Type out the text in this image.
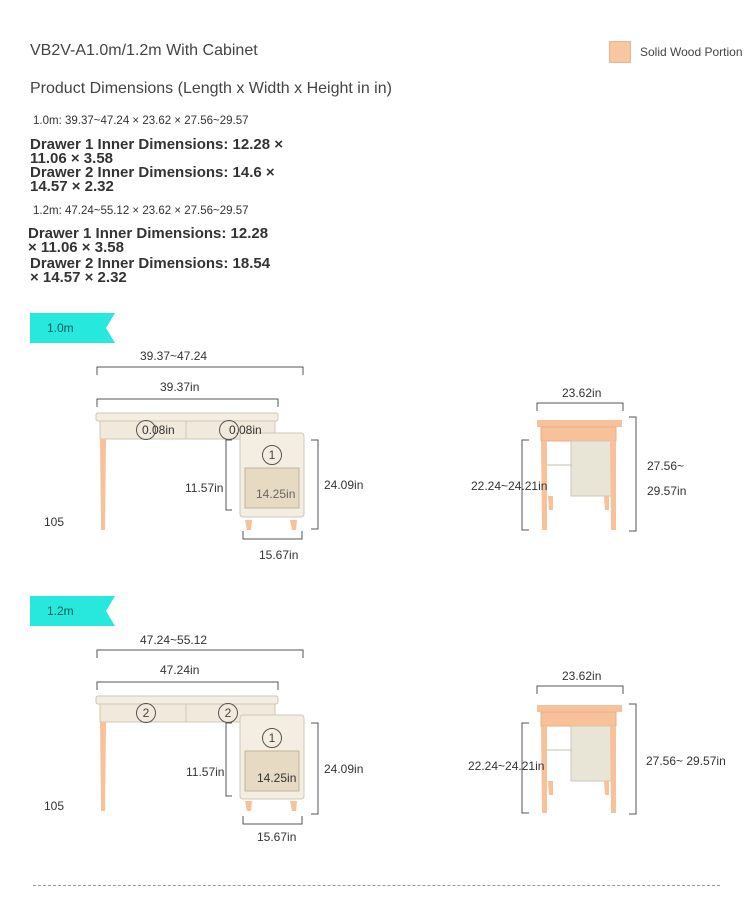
VB2V-A1.0m/1.2m With Cabinet	Solid Wood Portion
Product Dimensions (Length x Width x Height in in)
1.0m: 39.37~47.24 × 23.62 × 27.56~29.57
Drawer 1 Inner Dimensions: 12.28 ×
11.06 × 3.58
Drawer 2 Inner Dimensions: 14.6 ×
14.57 × 2.32
1.2m: 47.24~55.12 × 23.62 × 27.56~29.57
Drawer 1 Inner Dimensions: 12.28
× 11.06 × 3.58
Drawer 2 Inner Dimensions: 18.54
× 14.57 × 2.32
1.0m
39.37~47.24
39.37in
0.08in	0.08in
1
11.57in	14.25in
24.09in
15.67in
105
23.62in
22.24~24.21in
27.56~
29.57in
1.2m
47.24~55.12
47.24in
2	2
1
11.57in	14.25in
24.09in
15.67in
105
23.62in
22.24~24.21in	27.56~ 29.57in
